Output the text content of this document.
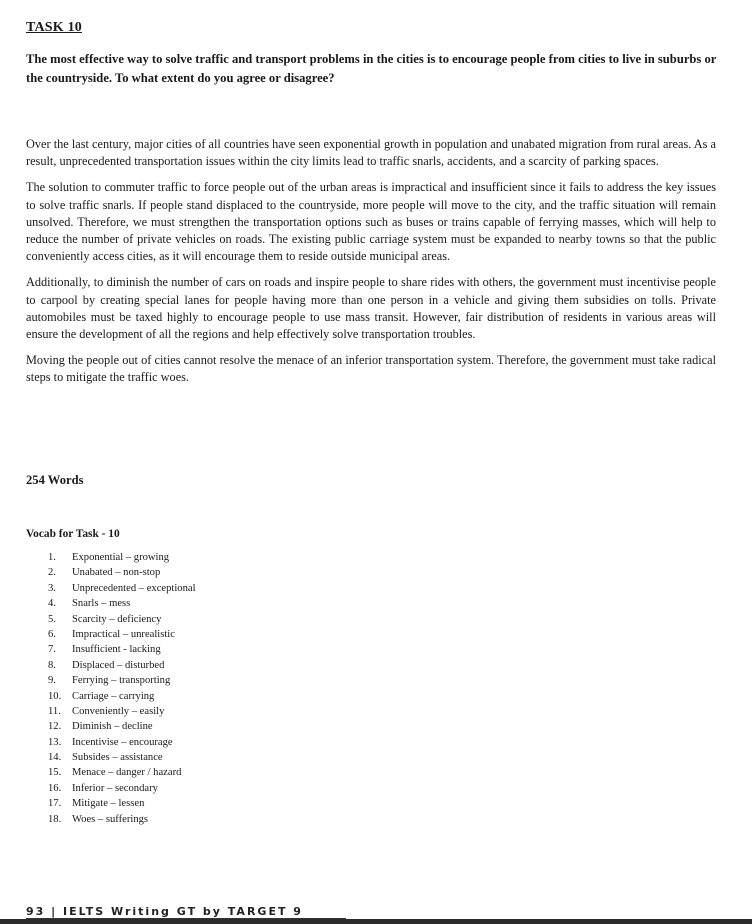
TASK 10
The most effective way to solve traffic and transport problems in the cities is to encourage people from cities to live in suburbs or the countryside. To what extent do you agree or disagree?

Over the last century, major cities of all countries have seen exponential growth in population and unabated migration from rural areas. As a result, unprecedented transportation issues within the city limits lead to traffic snarls, accidents, and a scarcity of parking spaces.

The solution to commuter traffic to force people out of the urban areas is impractical and insufficient since it fails to address the key issues to solve traffic snarls. If people stand displaced to the countryside, more people will move to the city, and the traffic situation will remain unsolved. Therefore, we must strengthen the transportation options such as buses or trains capable of ferrying masses, which will help to reduce the number of private vehicles on roads. The existing public carriage system must be expanded to nearby towns so that the public conveniently access cities, as it will encourage them to reside outside municipal areas.

Additionally, to diminish the number of cars on roads and inspire people to share rides with others, the government must incentivise people to carpool by creating special lanes for people having more than one person in a vehicle and giving them subsidies on tolls. Private automobiles must be taxed highly to encourage people to use mass transit. However, fair distribution of residents in various areas will ensure the development of all the regions and help effectively solve transportation troubles.

Moving the people out of cities cannot resolve the menace of an inferior transportation system. Therefore, the government must take radical steps to mitigate the traffic woes.

254 Words
Vocab for Task - 10
1. Exponential – growing
2. Unabated – non-stop
3. Unprecedented – exceptional
4. Snarls – mess
5. Scarcity – deficiency
6. Impractical – unrealistic
7. Insufficient - lacking
8. Displaced – disturbed
9. Ferrying – transporting
10. Carriage – carrying
11. Conveniently – easily
12. Diminish – decline
13. Incentivise – encourage
14. Subsides – assistance
15. Menace – danger / hazard
16. Inferior – secondary
17. Mitigate – lessen
18. Woes – sufferings
93 | IELTS Writing GT by TARGET 9
